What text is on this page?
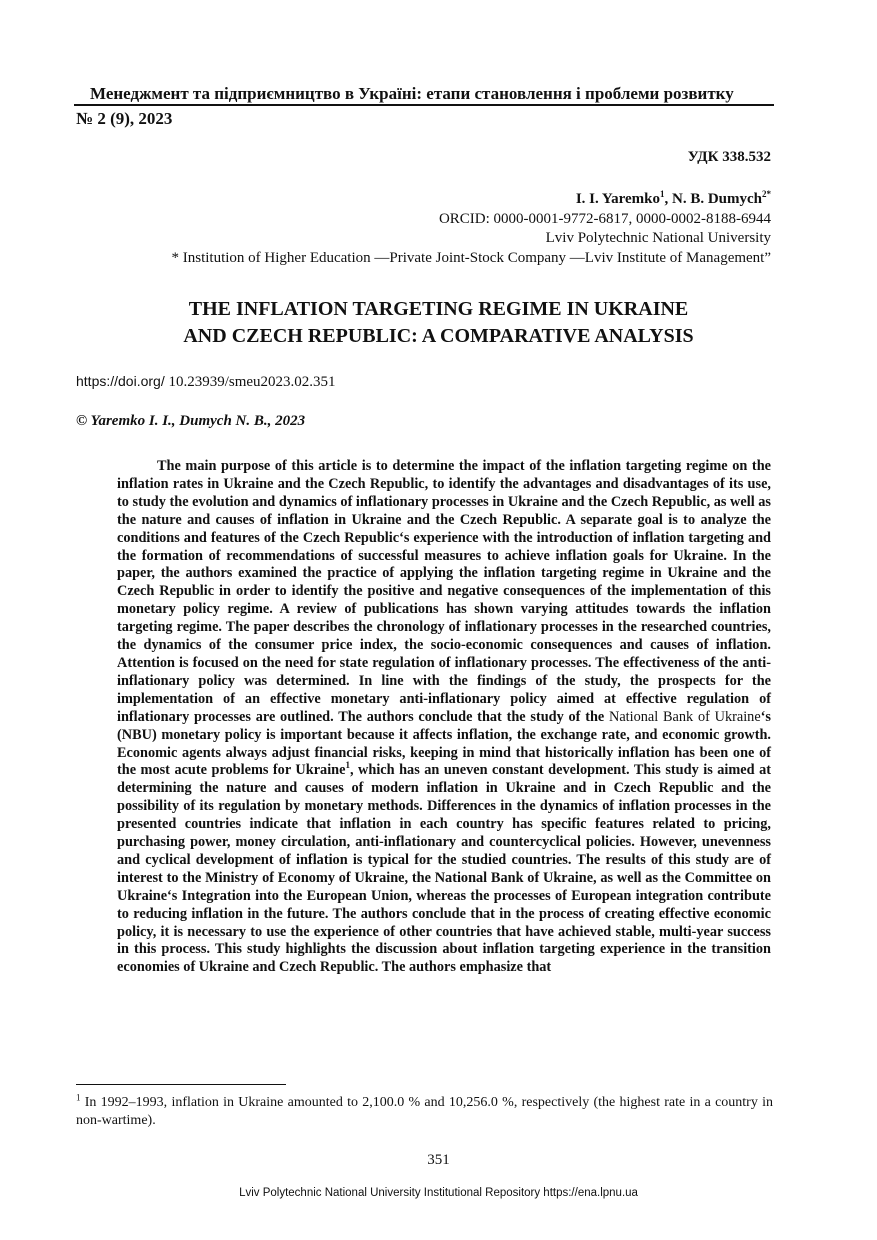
Менеджмент та підприємництво в Україні: етапи становлення і проблеми розвитку
№ 2 (9), 2023
УДК 338.532
I. I. Yaremko$^1$, N. B. Dumych$^{2*}$
ORCID: 0000-0001-9772-6817, 0000-0002-8188-6944
Lviv Polytechnic National University
* Institution of Higher Education ―Private Joint-Stock Company ―Lviv Institute of Management”
THE INFLATION TARGETING REGIME IN UKRAINE
AND CZECH REPUBLIC: A COMPARATIVE ANALYSIS
https://doi.org/ 10.23939/smeu2023.02.351
© Yaremko I. I., Dumych N. B., 2023

The main purpose of this article is to determine the impact of the inflation targeting regime on the inflation rates in Ukraine and the Czech Republic, to identify the advantages and disadvantages of its use, to study the evolution and dynamics of inflationary processes in Ukraine and the Czech Republic, as well as the nature and causes of inflation in Ukraine and the Czech Republic. A separate goal is to analyze the conditions and features of the Czech Republic‘s experience with the introduction of inflation targeting and the formation of recommendations of successful measures to achieve inflation goals for Ukraine. In the paper, the authors examined the practice of applying the inflation targeting regime in Ukraine and the Czech Republic in order to identify the positive and negative consequences of the implementation of this monetary policy regime. A review of publications has shown varying attitudes towards the inflation targeting regime. The paper describes the chronology of inflationary processes in the researched countries, the dynamics of the consumer price index, the socio-economic consequences and causes of inflation. Attention is focused on the need for state regulation of inflationary processes. The effectiveness of the anti-inflationary policy was determined. In line with the findings of the study, the prospects for the implementation of an effective monetary anti-inflationary policy aimed at effective regulation of inflationary processes are outlined. The authors conclude that the study of the National Bank of Ukraine‘s (NBU) monetary policy is important because it affects inflation, the exchange rate, and economic growth. Economic agents always adjust financial risks, keeping in mind that historically inflation has been one of the most acute problems for Ukraine$^1$, which has an uneven constant development. This study is aimed at determining the nature and causes of modern inflation in Ukraine and in Czech Republic and the possibility of its regulation by monetary methods. Differences in the dynamics of inflation processes in the presented countries indicate that inflation in each country has specific features related to pricing, purchasing power, money circulation, anti-inflationary and countercyclical policies. However, unevenness and cyclical development of inflation is typical for the studied countries. The results of this study are of interest to the Ministry of Economy of Ukraine, the National Bank of Ukraine, as well as the Committee on Ukraine‘s Integration into the European Union, whereas the processes of European integration contribute to reducing inflation in the future. The authors conclude that in the process of creating effective economic policy, it is necessary to use the experience of other countries that have achieved stable, multi-year success in this process. This study highlights the discussion about inflation targeting experience in the transition economies of Ukraine and Czech Republic. The authors emphasize that

$^1$ In 1992–1993, inflation in Ukraine amounted to 2,100.0 % and 10,256.0 %, respectively (the highest rate in a country in non-wartime).
351
Lviv Polytechnic National University Institutional Repository https://ena.lpnu.ua
